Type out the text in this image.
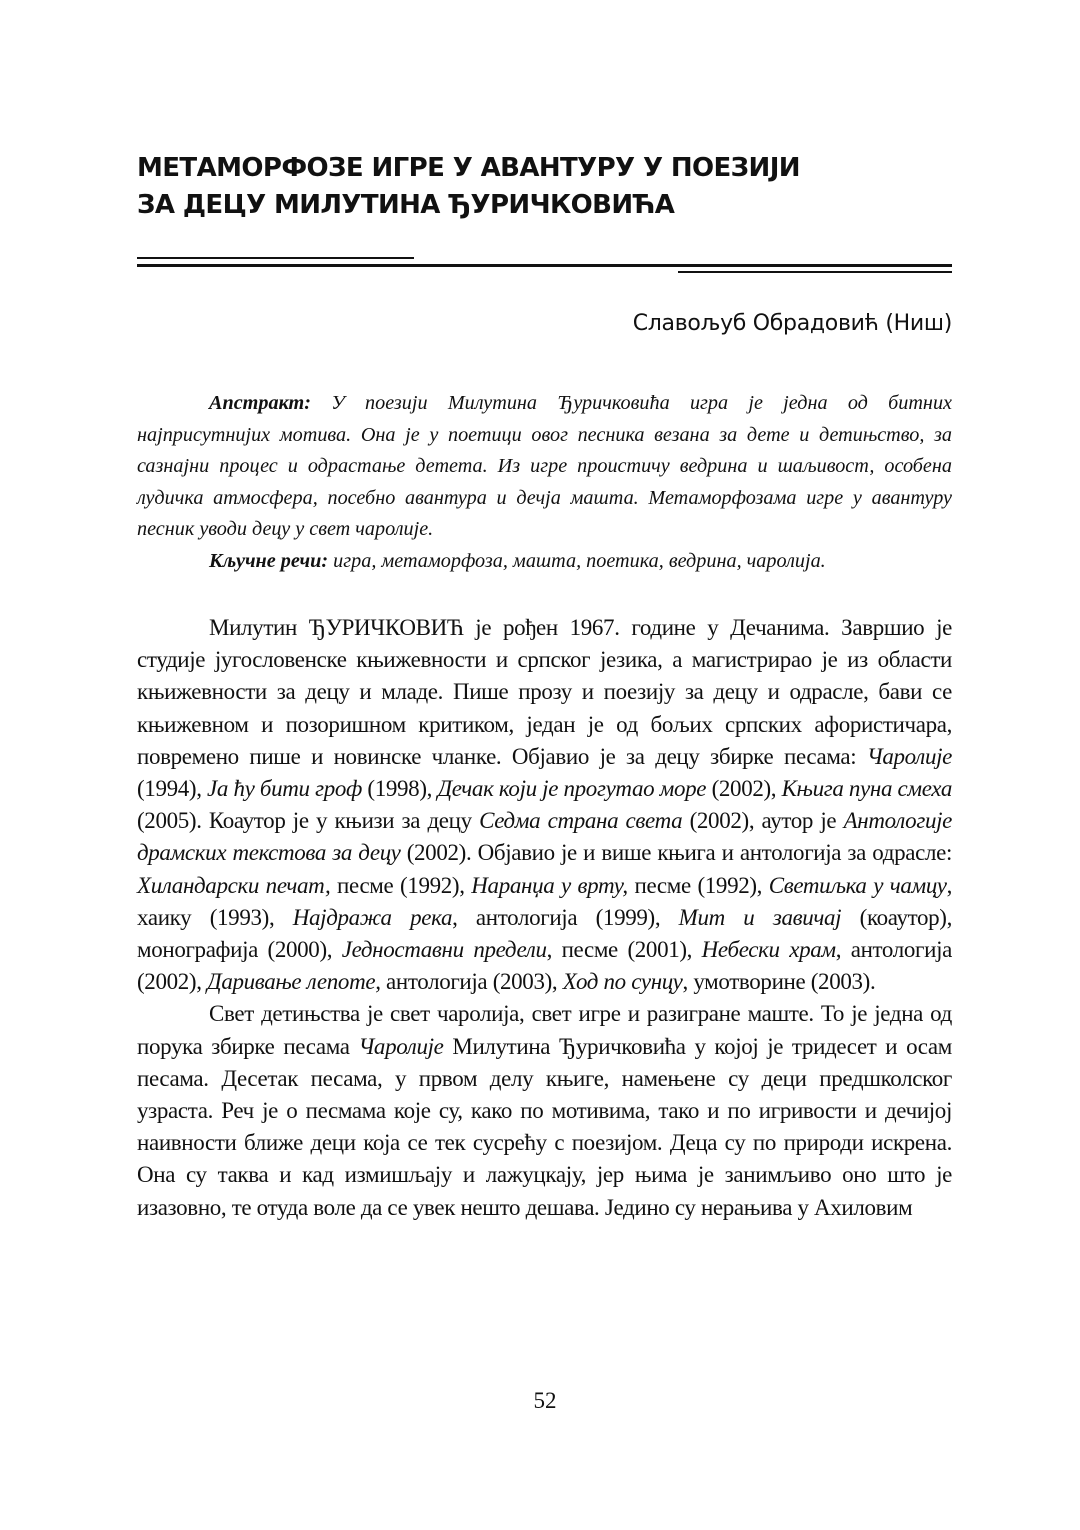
МЕТАМОРФОЗЕ ИГРЕ У АВАНТУРУ У ПОЕЗИЈИ
ЗА ДЕЦУ МИЛУТИНА ЂУРИЧКОВИЋА
Славољуб Обрадовић (Ниш)

Апстракт: У поезији Милутина Ђуричковића игра је једна од битних најприсутнијих мотива. Она је у поетици овог песника везана за дете и детињство, за сазнајни процес и одрастање детета. Из игре проистичу ведрина и шаљивост, особена лудичка атмосфера, посебно авантура и дечја машта. Метаморфозама игре у авантуру песник уводи децу у свет чаролије.

Кључне речи: игра, метаморфоза, машта, поетика, ведрина, чаролија.

Милутин ЂУРИЧКОВИЋ је рођен 1967. године у Дечанима. Завршио је студије југословенске књижевности и српског језика, а магистрирао је из области књижевности за децу и младе. Пише прозу и поезију за децу и одрасле, бави се књижевном и позоришном критиком, један је од бољих српских афористичара, повремено пише и новинске чланке. Објавио је за децу збирке песама: Чаролије (1994), Ја ћу бити гроф (1998), Дечак који је прогутао море (2002), Књига пуна смеха (2005). Коаутор је у књизи за децу Седма страна света (2002), аутор је Антологије драмских текстова за децу (2002). Објавио је и више књига и антологија за одрасле: Хиландарски печат, песме (1992), Наранџа у врту, песме (1992), Светиљка у чамцу, хаику (1993), Најдража река, антологија (1999), Мит и завичај (коаутор), монографија (2000), Једноставни предели, песме (2001), Небески храм, антологија (2002), Даривање лепоте, антологија (2003), Ход по сунцу, умотворине (2003).

Свет детињства је свет чаролија, свет игре и разигране маште. То је једна од порука збирке песама Чаролије Милутина Ђуричковића у којој је тридесет и осам песама. Десетак песама, у првом делу књиге, намењене су деци предшколског узраста. Реч је о песмама које су, како по мотивима, тако и по игривости и дечијој наивности ближе деци која се тек сусрећу с поезијом. Деца су по природи искрена. Она су таква и кад измишљају и лажуцкају, јер њима је занимљиво оно што је изазовно, те отуда воле да се увек нешто дешава. Једино су нерањива у Ахиловим

52
